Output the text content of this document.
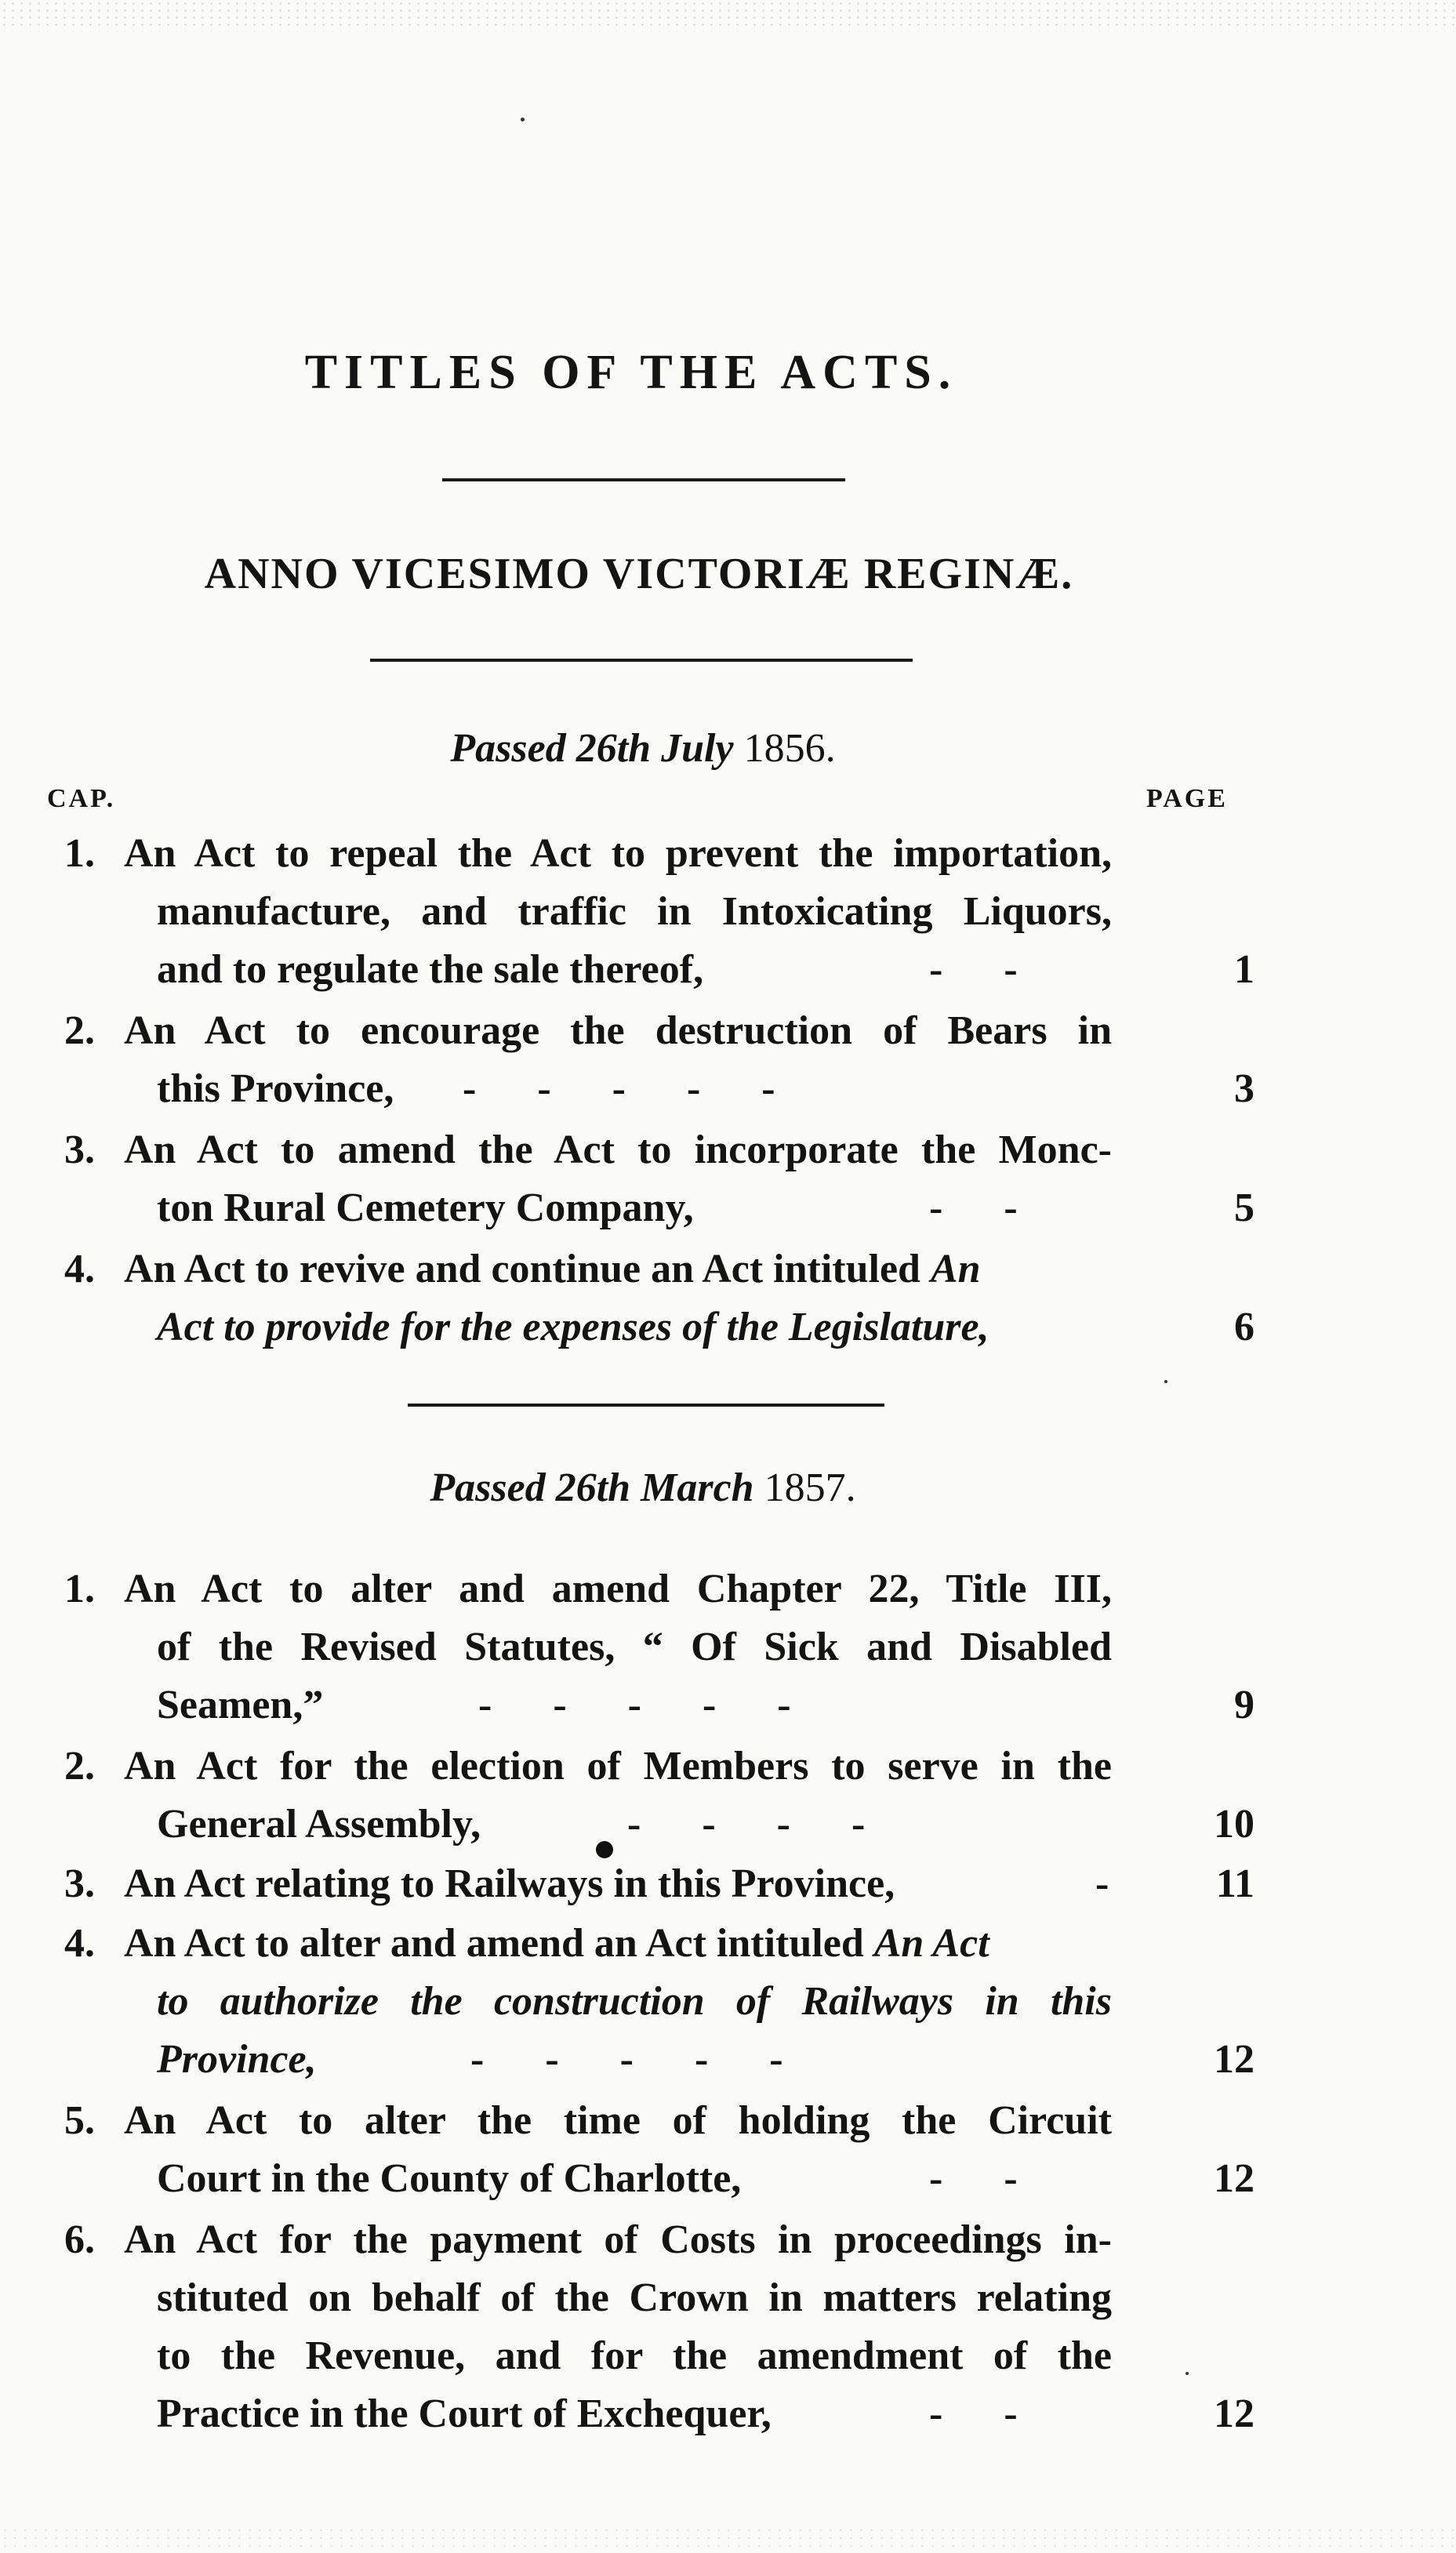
TITLES OF THE ACTS.
ANNO VICESIMO VICTORIÆ REGINÆ.
Passed 26th July 1856.
CAP.	PAGE
1. An Act to repeal the Act to prevent the importation,
manufacture, and traffic in Intoxicating Liquors,
and to regulate the sale thereof,	-      -	1
2. An Act to encourage the destruction of Bears in
this Province, -      -      -      -      -	3
3. An Act to amend the Act to incorporate the Monc-
ton Rural Cemetery Company,	-      -	5
4. An Act to revive and continue an Act intituled An
Act to provide for the expenses of the Legislature,	6
Passed 26th March 1857.
1. An Act to alter and amend Chapter 22, Title III,
of the Revised Statutes, “ Of Sick and Disabled
Seamen,”	-      -      -      -      -	9
2. An Act for the election of Members to serve in the
General Assembly,	-      -      -      -	10
3. An Act relating to Railways in this Province,	-	11
4. An Act to alter and amend an Act intituled An Act
to authorize the construction of Railways in this
Province,	-      -      -      -      -	12
5. An Act to alter the time of holding the Circuit
Court in the County of Charlotte,	-      -	12
6. An Act for the payment of Costs in proceedings in-
stituted on behalf of the Crown in matters relating
to the Revenue, and for the amendment of the
Practice in the Court of Exchequer,	-      -	12
